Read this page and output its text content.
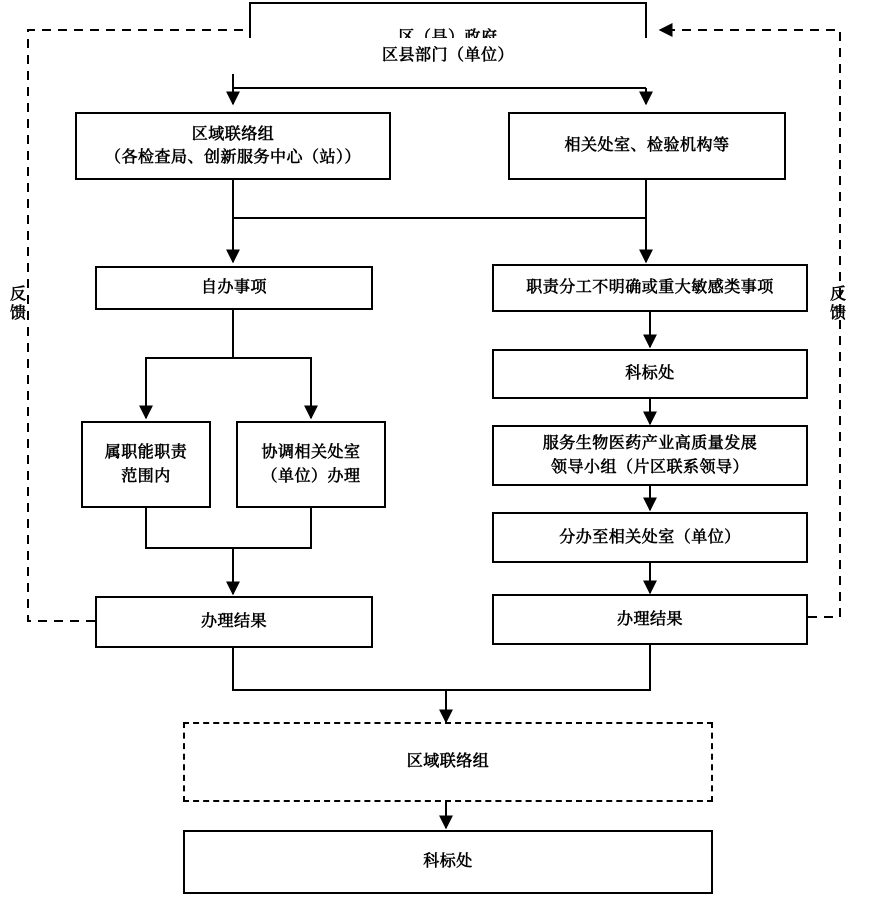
区县部门（单位）
区域联络组
（各检查局、创新服务中心（站））
相关处室、检验机构等
自办事项	职责分工不明确或重大敏感类事项
属职能职责
范围内
协调相关处室
（单位）办理
科标处
服务生物医药产业高质量发展
领导小组（片区联系领导）
分办至相关处室（单位）
办理结果	办理结果
区域联络组
科标处
反
馈
反
馈
